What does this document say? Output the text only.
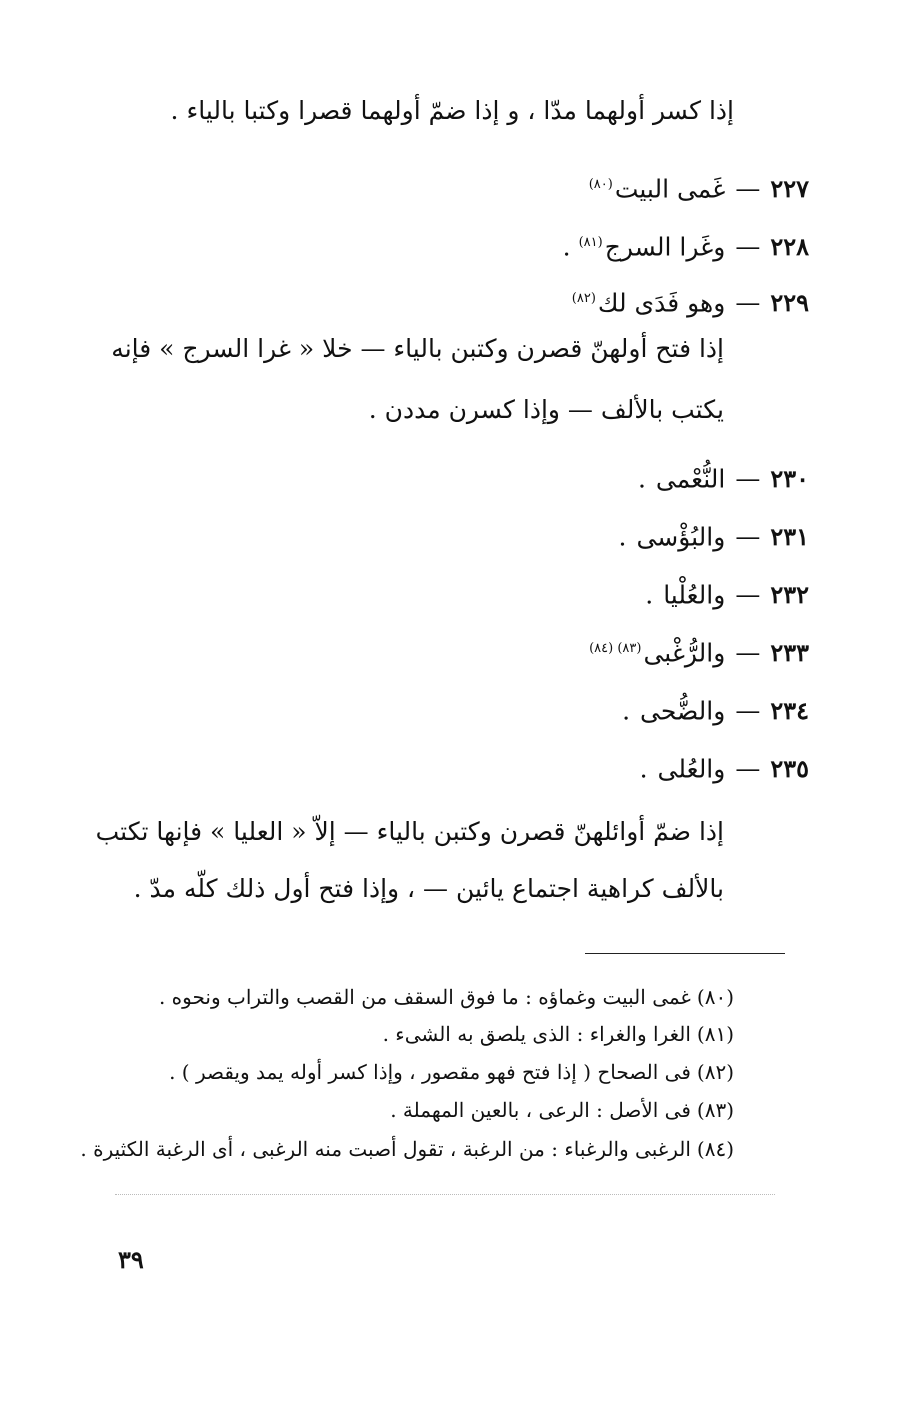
إذا كسر أولهما مدّا ، و إذا ضمّ أولهما قصرا وكتبا بالياء .
٢٢٧—غَمى البيت$^{(٨٠)}$
٢٢٨—وغَرا السرج$^{(٨١)}$ .
٢٢٩—وهو فَدَى لك$^{(٨٢)}$
إذا فتح أولهنّ قصرن وكتبن بالياء — خلا « غرا السرج » فإنه
يكتب بالألف — وإذا كسرن مددن .
٢٣٠—النُّعْمى .
٢٣١—والبُؤْسى .
٢٣٢—والعُلْيا .
٢٣٣—والرُّغْبى$^{(٨٣) (٨٤)}$
٢٣٤—والضُّحى .
٢٣٥—والعُلى .
إذا ضمّ أوائلهنّ قصرن وكتبن بالياء — إلاّ « العليا » فإنها تكتب
بالألف كراهية اجتماع يائين — ، وإذا فتح أول ذلك كلّه مدّ .
(٨٠)غمى البيت وغماؤه : ما فوق السقف من القصب والتراب ونحوه .
(٨١)الغرا والغراء : الذى يلصق به الشىء .
(٨٢)فى الصحاح ( إذا فتح فهو مقصور ، وإذا كسر أوله يمد ويقصر ) .
(٨٣)فى الأصل : الرعى ، بالعين المهملة .
(٨٤)الرغبى والرغباء : من الرغبة ، تقول أصبت منه الرغبى ، أى الرغبة الكثيرة .
٣٩
